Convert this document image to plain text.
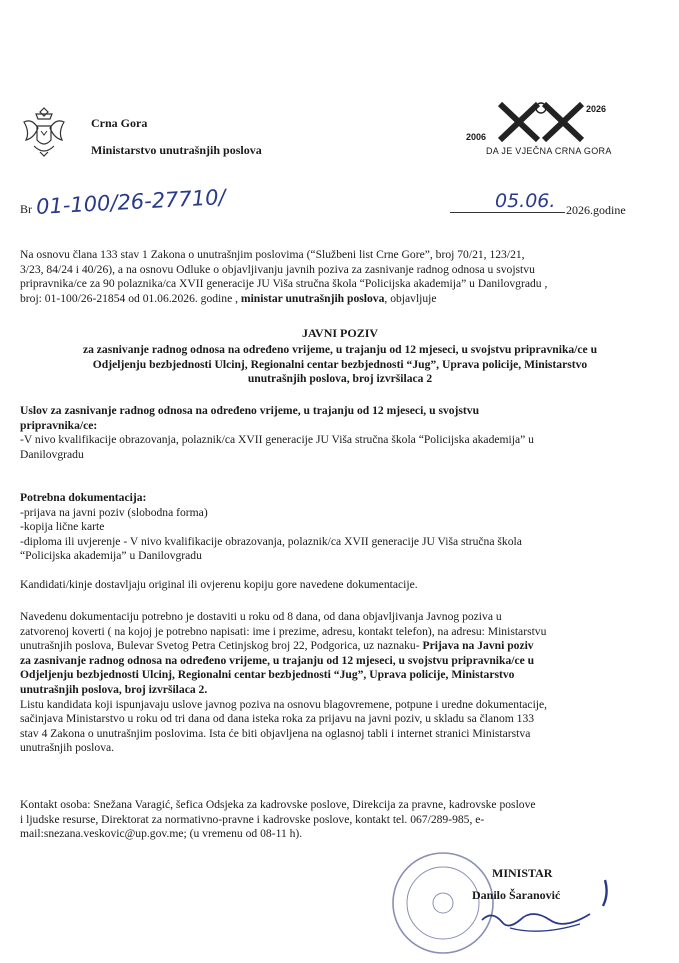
Crna Gora
Ministarstvo unutrašnjih poslova
2026
2006
DA JE VJEČNA CRNA GORA
Br 01-100/26-27710/	05.06. 2026.godine
Na osnovu člana 133 stav 1 Zakona o unutrašnjim poslovima (“Službeni list Crne Gore”, broj 70/21, 123/21,
3/23, 84/24 i 40/26), a na osnovu Odluke o objavljivanju javnih poziva za zasnivanje radnog odnosa u svojstvu
pripravnika/ce za 90 polaznika/ca XVII generacije JU Viša stručna škola “Policijska akademija” u Danilovgradu ,
broj: 01-100/26-21854 od 01.06.2026. godine , ministar unutrašnjih poslova, objavljuje
JAVNI POZIV
za zasnivanje radnog odnosa na određeno vrijeme, u trajanju od 12 mjeseci, u svojstvu pripravnika/ce u
Odjeljenju bezbjednosti Ulcinj, Regionalni centar bezbjednosti “Jug”, Uprava policije, Ministarstvo
unutrašnjih poslova, broj izvršilaca 2
Uslov za zasnivanje radnog odnosa na određeno vrijeme, u trajanju od 12 mjeseci, u svojstvu
pripravnika/ce:
-V nivo kvalifikacije obrazovanja, polaznik/ca XVII generacije JU Viša stručna škola “Policijska akademija” u
Danilovgradu
Potrebna dokumentacija:
-prijava na javni poziv (slobodna forma)
-kopija lične karte
-diploma ili uvjerenje - V nivo kvalifikacije obrazovanja, polaznik/ca XVII generacije JU Viša stručna škola
“Policijska akademija” u Danilovgradu
Kandidati/kinje dostavljaju original ili ovjerenu kopiju gore navedene dokumentacije.
Navedenu dokumentaciju potrebno je dostaviti u roku od 8 dana, od dana objavljivanja Javnog poziva u
zatvorenoj koverti ( na kojoj je potrebno napisati: ime i prezime, adresu, kontakt telefon), na adresu: Ministarstvu
unutrašnjih poslova, Bulevar Svetog Petra Cetinjskog broj 22, Podgorica, uz naznaku- Prijava na Javni poziv
za zasnivanje radnog odnosa na određeno vrijeme, u trajanju od 12 mjeseci, u svojstvu pripravnika/ce u
Odjeljenju bezbjednosti Ulcinj, Regionalni centar bezbjednosti “Jug”, Uprava policije, Ministarstvo
unutrašnjih poslova, broj izvršilaca 2.
Listu kandidata koji ispunjavaju uslove javnog poziva na osnovu blagovremene, potpune i uredne dokumentacije,
sačinjava Ministarstvo u roku od tri dana od dana isteka roka za prijavu na javni poziv, u skladu sa članom 133
stav 4 Zakona o unutrašnjim poslovima. Ista će biti objavljena na oglasnoj tabli i internet stranici Ministarstva
unutrašnjih poslova.
Kontakt osoba: Snežana Varagić, šefica Odsjeka za kadrovske poslove, Direkcija za pravne, kadrovske poslove
i ljudske resurse, Direktorat za normativno-pravne i kadrovske poslove, kontakt tel. 067/289-985, e-
mail:snezana.veskovic@up.gov.me; (u vremenu od 08-11 h).
MINISTAR
Danilo Šaranović
